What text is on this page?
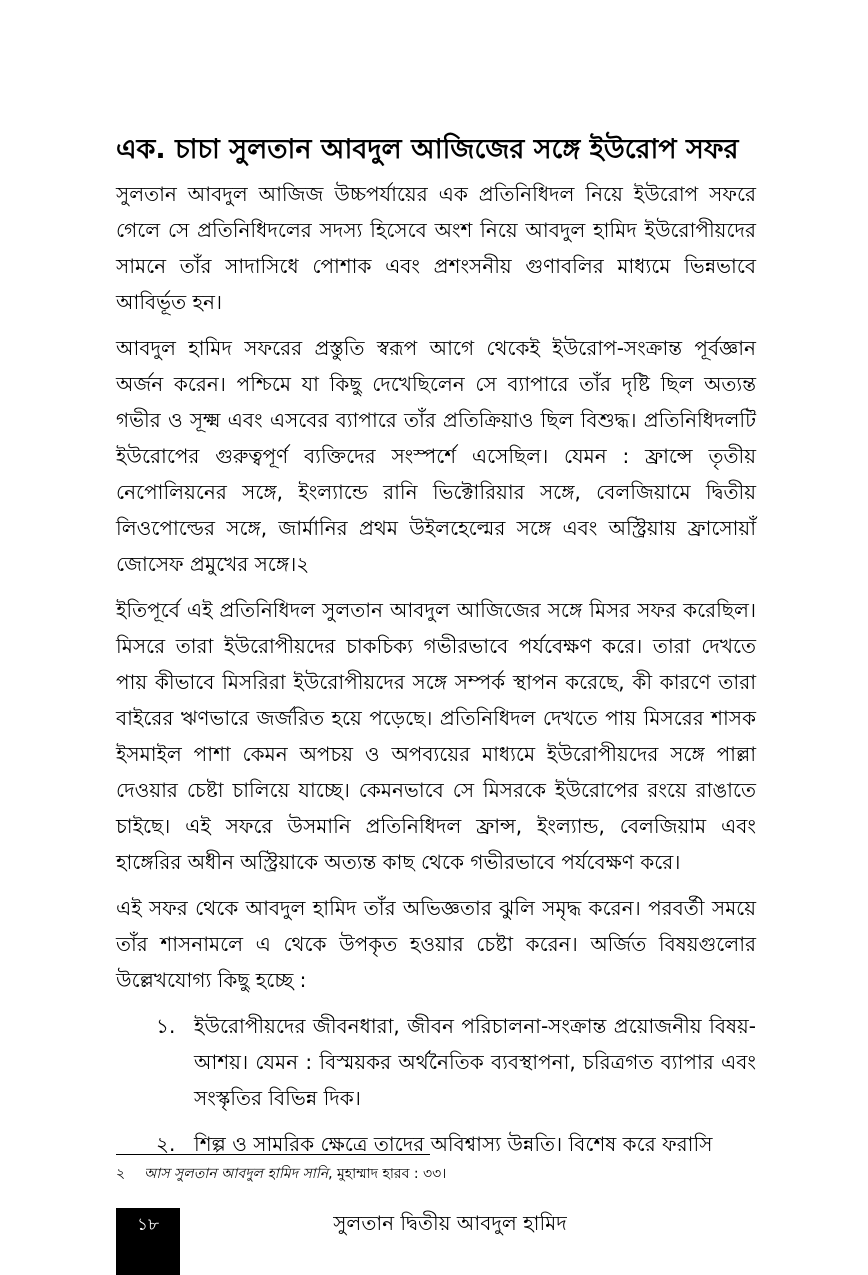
এক. চাচা সুলতান আবদুল আজিজের সঙ্গে ইউরোপ সফর

সুলতান আবদুল আজিজ উচ্চপর্যায়ের এক প্রতিনিধিদল নিয়ে ইউরোপ সফরে গেলে সে প্রতিনিধিদলের সদস্য হিসেবে অংশ নিয়ে আবদুল হামিদ ইউরোপীয়দের সামনে তাঁর সাদাসিধে পোশাক এবং প্রশংসনীয় গুণাবলির মাধ্যমে ভিন্নভাবে আবির্ভূত হন।

আবদুল হামিদ সফরের প্রস্তুতি স্বরূপ আগে থেকেই ইউরোপ-সংক্রান্ত পূর্বজ্ঞান অর্জন করেন। পশ্চিমে যা কিছু দেখেছিলেন সে ব্যাপারে তাঁর দৃষ্টি ছিল অত্যন্ত গভীর ও সূক্ষ্ম এবং এসবের ব্যাপারে তাঁর প্রতিক্রিয়াও ছিল বিশুদ্ধ। প্রতিনিধিদলটি ইউরোপের গুরুত্বপূর্ণ ব্যক্তিদের সংস্পর্শে এসেছিল। যেমন : ফ্রান্সে তৃতীয় নেপোলিয়নের সঙ্গে, ইংল্যান্ডে রানি ভিক্টোরিয়ার সঙ্গে, বেলজিয়ামে দ্বিতীয় লিওপোল্ডের সঙ্গে, জার্মানির প্রথম উইলহেল্মের সঙ্গে এবং অস্ট্রিয়ায় ফ্রাসোয়াঁ জোসেফ প্রমুখের সঙ্গে।২

ইতিপূর্বে এই প্রতিনিধিদল সুলতান আবদুল আজিজের সঙ্গে মিসর সফর করেছিল। মিসরে তারা ইউরোপীয়দের চাকচিক্য গভীরভাবে পর্যবেক্ষণ করে। তারা দেখতে পায় কীভাবে মিসরিরা ইউরোপীয়দের সঙ্গে সম্পর্ক স্থাপন করেছে, কী কারণে তারা বাইরের ঋণভারে জর্জরিত হয়ে পড়েছে। প্রতিনিধিদল দেখতে পায় মিসরের শাসক ইসমাইল পাশা কেমন অপচয় ও অপব্যয়ের মাধ্যমে ইউরোপীয়দের সঙ্গে পাল্লা দেওয়ার চেষ্টা চালিয়ে যাচ্ছে। কেমনভাবে সে মিসরকে ইউরোপের রংয়ে রাঙাতে চাইছে। এই সফরে উসমানি প্রতিনিধিদল ফ্রান্স, ইংল্যান্ড, বেলজিয়াম এবং হাঙ্গেরির অধীন অস্ট্রিয়াকে অত্যন্ত কাছ থেকে গভীরভাবে পর্যবেক্ষণ করে।

এই সফর থেকে আবদুল হামিদ তাঁর অভিজ্ঞতার ঝুলি সমৃদ্ধ করেন। পরবর্তী সময়ে তাঁর শাসনামলে এ থেকে উপকৃত হওয়ার চেষ্টা করেন। অর্জিত বিষয়গুলোর উল্লেখযোগ্য কিছু হচ্ছে :

১. ইউরোপীয়দের জীবনধারা, জীবন পরিচালনা-সংক্রান্ত প্রয়োজনীয় বিষয়-আশয়। যেমন : বিস্ময়কর অর্থনৈতিক ব্যবস্থাপনা, চরিত্রগত ব্যাপার এবং সংস্কৃতির বিভিন্ন দিক।
২. শিল্প ও সামরিক ক্ষেত্রে তাদের অবিশ্বাস্য উন্নতি। বিশেষ করে ফরাসি
২ আস সুলতান আবদুল হামিদ সানি, মুহাম্মাদ হারব : ৩৩।
১৮	সুলতান দ্বিতীয় আবদুল হামিদ
